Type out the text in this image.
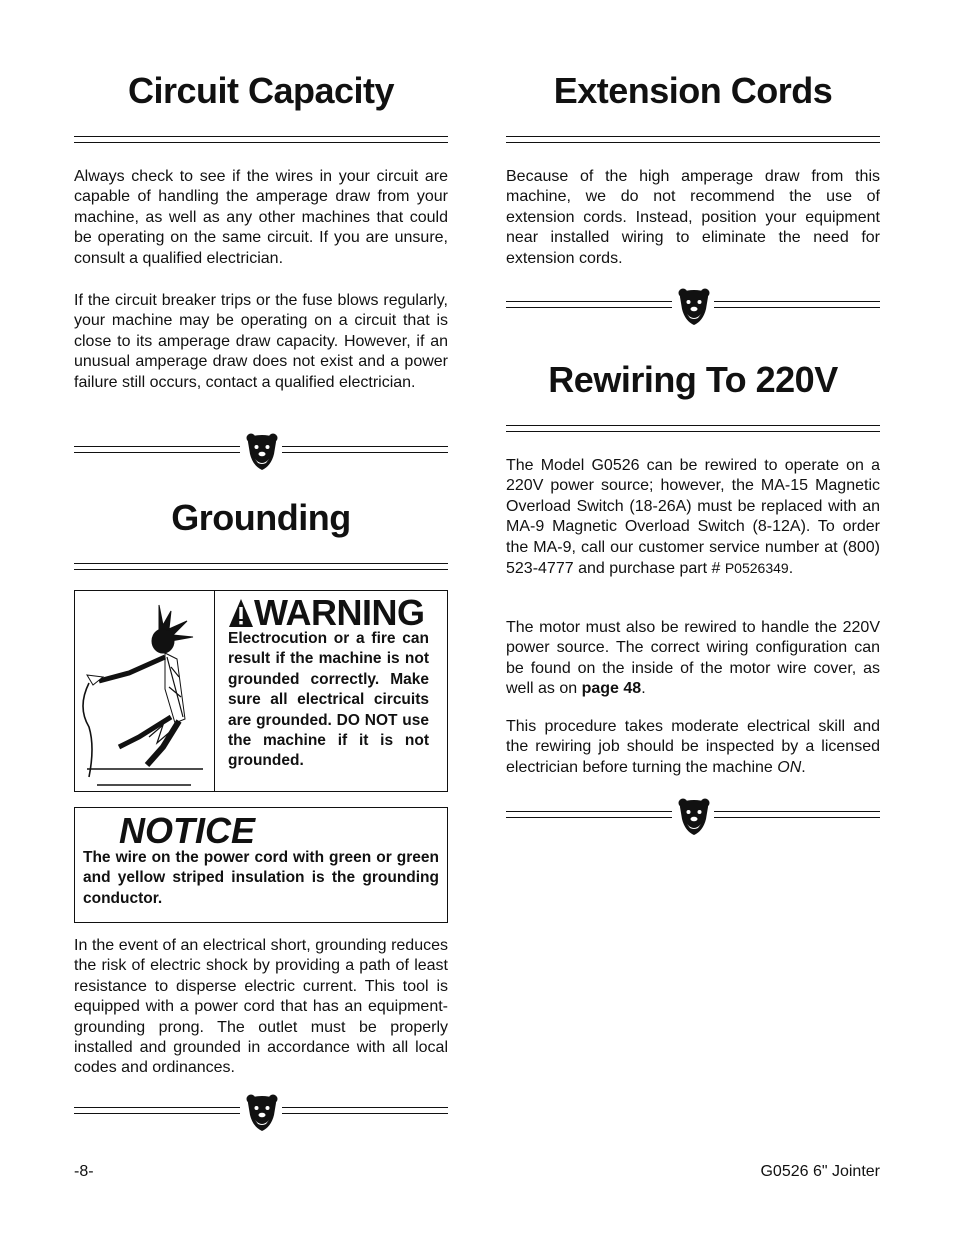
Circuit Capacity

Always check to see if the wires in your circuit are capable of handling the amperage draw from your machine, as well as any other machines that could be operating on the same circuit. If you are unsure, consult a qualified electrician.

If the circuit breaker trips or the fuse blows regularly, your machine may be operating on a circuit that is close to its amperage draw capacity. However, if an unusual amperage draw does not exist and a power failure still occurs, contact a qualified electrician.

Grounding
WARNING

Electrocution or a fire can result if the machine is not grounded correctly. Make sure all electrical circuits are grounded. DO NOT use the machine if it is not grounded.

NOTICE

The wire on the power cord with green or green and yellow striped insulation is the grounding conductor.

In the event of an electrical short, grounding reduces the risk of electric shock by providing a path of least resistance to disperse electric current. This tool is equipped with a power cord that has an equipment-grounding prong. The outlet must be properly installed and grounded in accordance with all local codes and ordinances.

Extension Cords

Because of the high amperage draw from this machine, we do not recommend the use of extension cords. Instead, position your equipment near installed wiring to eliminate the need for extension cords.

Rewiring To 220V

The Model G0526 can be rewired to operate on a 220V power source; however, the MA-15 Magnetic Overload Switch (18-26A) must be replaced with an MA-9 Magnetic Overload Switch (8-12A). To order the MA-9, call our customer service number at (800) 523-4777 and purchase part # P0526349.

The motor must also be rewired to handle the 220V power source. The correct wiring configuration can be found on the inside of the motor wire cover, as well as on page 48.

This procedure takes moderate electrical skill and the rewiring job should be inspected by a licensed electrician before turning the machine ON.

-8-	G0526 6" Jointer
